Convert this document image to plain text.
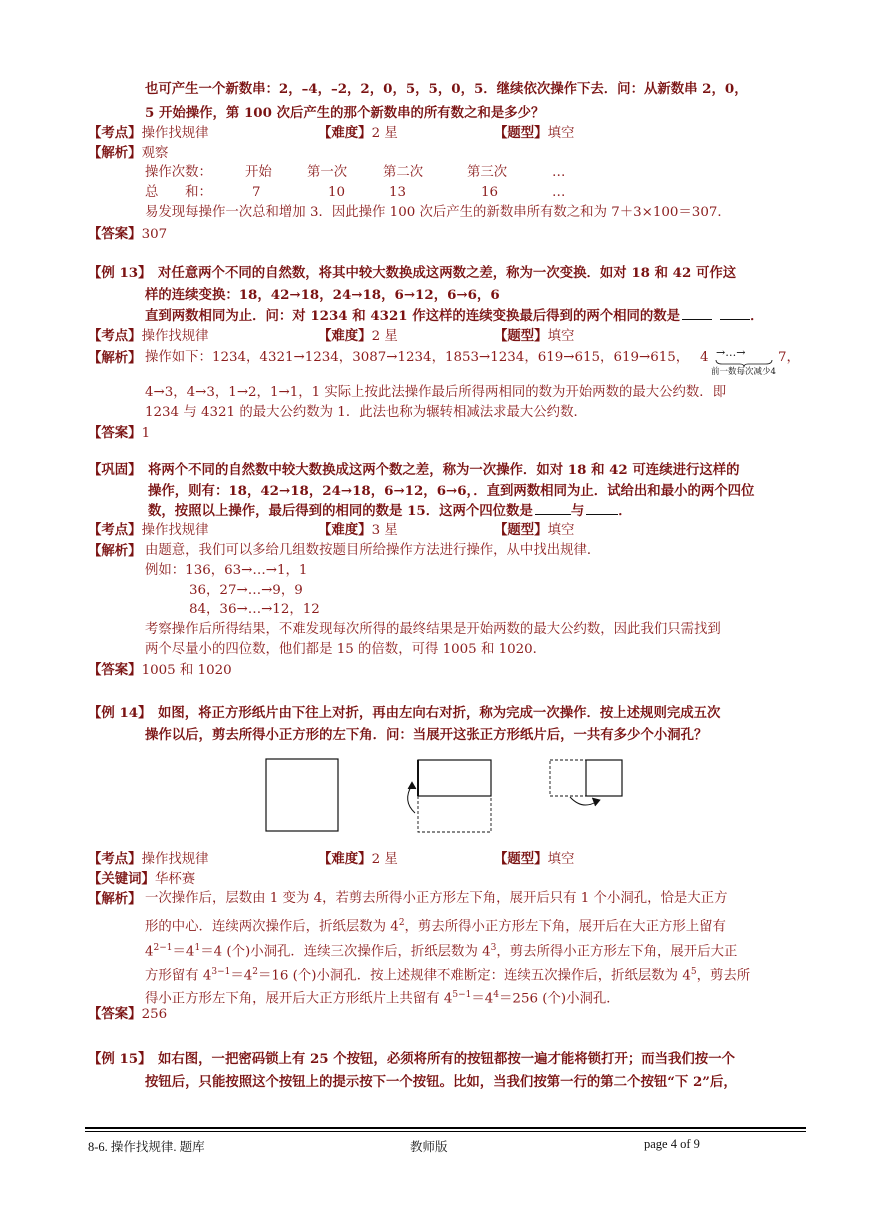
也可产生一个新数串：2，–4，–2，2，0，5，5，0，5．继续依次操作下去．问：从新数串 2，0，
5 开始操作，第 100 次后产生的那个新数串的所有数之和是多少？
【考点】操作找规律	【难度】2 星	【题型】填空
【解析】观察
操作次数： 开始	第一次	第二次	第三次	…
总　　和：	7	10	13	16	…
易发现每操作一次总和增加 3．因此操作 100 次后产生的新数串所有数之和为 7＋3×100＝307．
【答案】307
【例 13】 对任意两个不同的自然数，将其中较大数换成这两数之差，称为一次变换．如对 18 和 42 可作这
样的连续变换：18，42→18，24→18，6→12，6→6，6
直到两数相同为止．问：对 1234 和 4321 作这样的连续变换最后得到的两个相同的数是	．
【考点】操作找规律	【难度】2 星	【题型】填空
【解析】 操作如下：1234，4321→1234，3087→1234，1853→1234，619→615，619→615， 4 →…→
前一数每次减少4
7，
4→3，4→3，1→2，1→1，1 实际上按此法操作最后所得两相同的数为开始两数的最大公约数．即
1234 与 4321 的最大公约数为 1．此法也称为辗转相减法求最大公约数．
【答案】1
【巩固】 将两个不同的自然数中较大数换成这两个数之差，称为一次操作．如对 18 和 42 可连续进行这样的
操作，则有：18，42→18，24→18，6→12，6→6，．直到两数相同为止．试给出和最小的两个四位
数，按照以上操作，最后得到的相同的数是 15．这两个四位数是	与	．
【考点】操作找规律	【难度】3 星	【题型】填空
【解析】 由题意，我们可以多给几组数按题目所给操作方法进行操作，从中找出规律．
例如：136，63→…→1，1
36，27→…→9，9
84，36→…→12，12
考察操作后所得结果，不难发现每次所得的最终结果是开始两数的最大公约数，因此我们只需找到
两个尽量小的四位数，他们都是 15 的倍数，可得 1005 和 1020．
【答案】1005 和 1020
【例 14】 如图，将正方形纸片由下往上对折，再由左向右对折，称为完成一次操作．按上述规则完成五次
操作以后，剪去所得小正方形的左下角．问：当展开这张正方形纸片后，一共有多少个小洞孔？
【考点】操作找规律	【难度】2 星	【题型】填空
【关键词】华杯赛
【解析】 一次操作后，层数由 1 变为 4，若剪去所得小正方形左下角，展开后只有 1 个小洞孔，恰是大正方
形的中心．连续两次操作后，折纸层数为 $4^2$，剪去所得小正方形左下角，展开后在大正方形上留有
$4^{2-1}=4^1=4$ (个)小洞孔．连续三次操作后，折纸层数为 $4^3$，剪去所得小正方形左下角，展开后大正
方形留有 $4^{3-1}=4^2=16$ (个)小洞孔．按上述规律不难断定：连续五次操作后，折纸层数为 $4^5$，剪去所
得小正方形左下角，展开后大正方形纸片上共留有 $4^{5-1}=4^4=256$ (个)小洞孔．
【答案】256
【例 15】 如右图，一把密码锁上有 25 个按钮，必须将所有的按钮都按一遍才能将锁打开；而当我们按一个
按钮后，只能按照这个按钮上的提示按下一个按钮。比如，当我们按第一行的第二个按钮“下 2”后，
8-6. 操作找规律. 题库	教师版	page 4 of 9
